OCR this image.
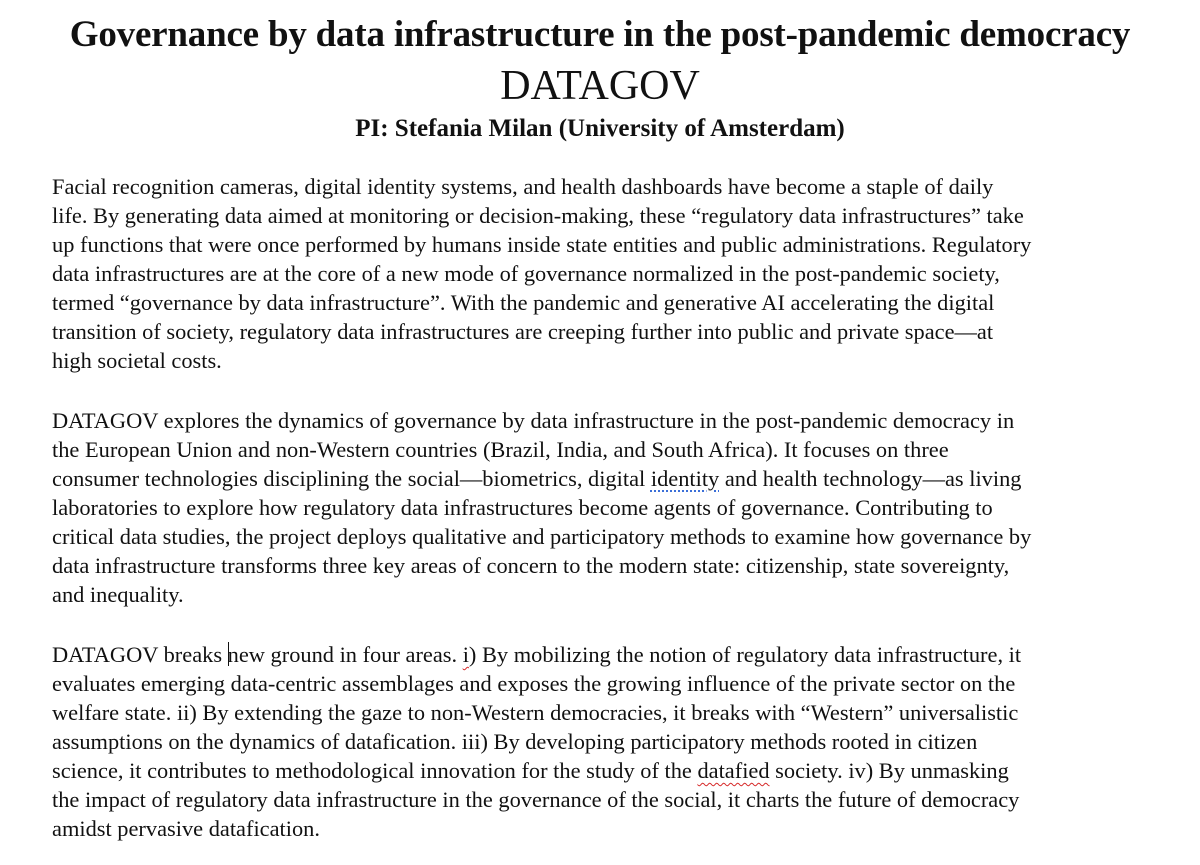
Governance by data infrastructure in the post-pandemic democracy
DATAGOV
PI: Stefania Milan (University of Amsterdam)
Facial recognition cameras, digital identity systems, and health dashboards have become a staple of daily
life. By generating data aimed at monitoring or decision-making, these “regulatory data infrastructures” take
up functions that were once performed by humans inside state entities and public administrations. Regulatory
data infrastructures are at the core of a new mode of governance normalized in the post-pandemic society,
termed “governance by data infrastructure”. With the pandemic and generative AI accelerating the digital
transition of society, regulatory data infrastructures are creeping further into public and private space—at
high societal costs.
DATAGOV explores the dynamics of governance by data infrastructure in the post-pandemic democracy in
the European Union and non-Western countries (Brazil, India, and South Africa). It focuses on three
consumer technologies disciplining the social—biometrics, digital identity and health technology—as living
laboratories to explore how regulatory data infrastructures become agents of governance. Contributing to
critical data studies, the project deploys qualitative and participatory methods to examine how governance by
data infrastructure transforms three key areas of concern to the modern state: citizenship, state sovereignty,
and inequality.
DATAGOV breaks new ground in four areas. i) By mobilizing the notion of regulatory data infrastructure, it
evaluates emerging data-centric assemblages and exposes the growing influence of the private sector on the
welfare state. ii) By extending the gaze to non-Western democracies, it breaks with “Western” universalistic
assumptions on the dynamics of datafication. iii) By developing participatory methods rooted in citizen
science, it contributes to methodological innovation for the study of the datafied society. iv) By unmasking
the impact of regulatory data infrastructure in the governance of the social, it charts the future of democracy
amidst pervasive datafication.
